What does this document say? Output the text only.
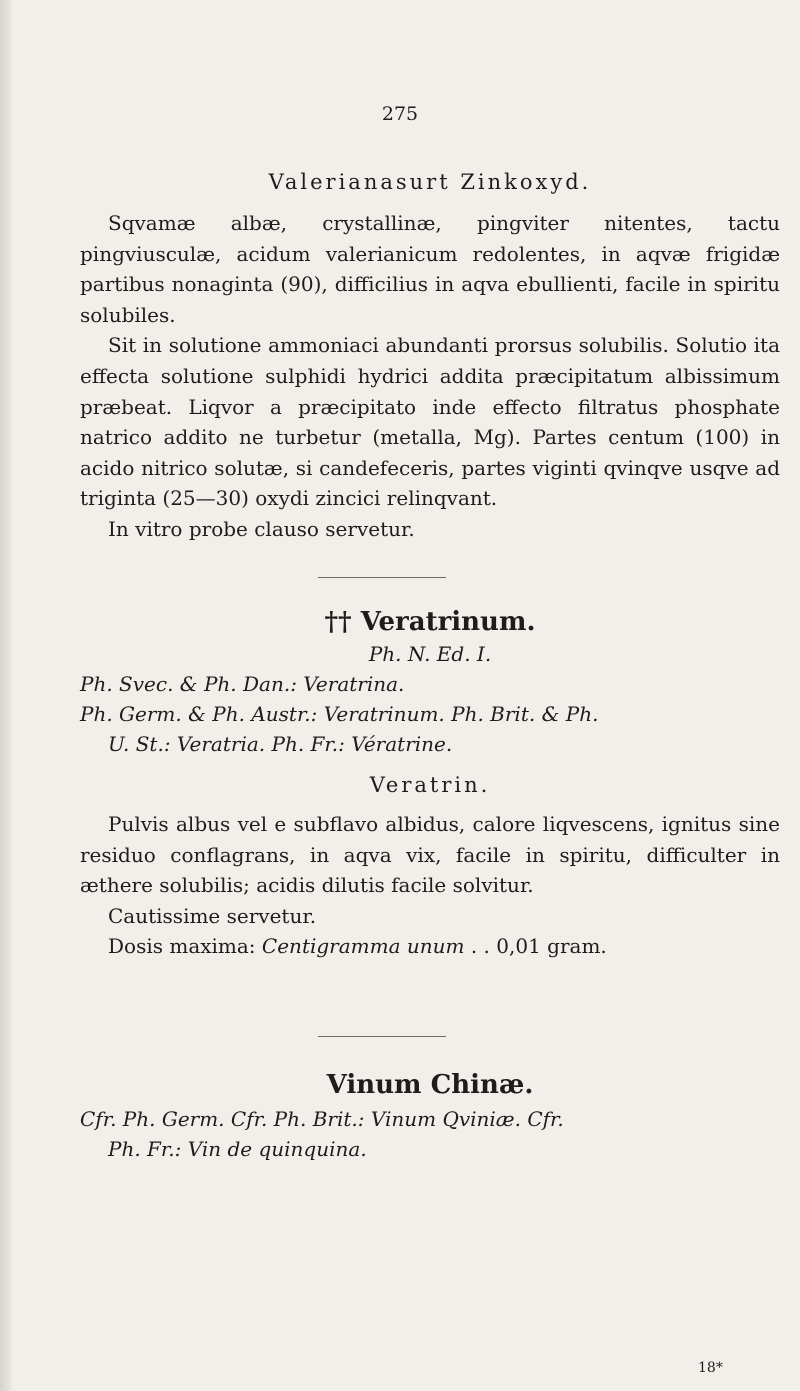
275
Valerianasurt Zinkoxyd.

Sqvamæ albæ, crystallinæ, pingviter nitentes, tactu pingviusculæ, acidum valerianicum redolentes, in aqvæ frigidæ partibus nonaginta (90), difficilius in aqva ebullienti, facile in spiritu solubiles.

Sit in solutione ammoniaci abundanti prorsus solubilis. Solutio ita effecta solutione sulphidi hydrici addita præcipitatum albissimum præbeat. Liqvor a præcipitato inde effecto filtratus phosphate natrico addito ne turbetur (metalla, Mg). Partes centum (100) in acido nitrico solutæ, si candefeceris, partes viginti qvinqve usqve ad triginta (25—30) oxydi zincici relinqvant.

In vitro probe clauso servetur.

†† Veratrinum.
Ph. N. Ed. I.
Ph. Svec. & Ph. Dan.: Veratrina.
Ph. Germ. & Ph. Austr.: Veratrinum. Ph. Brit. & Ph.
U. St.: Veratria. Ph. Fr.: Vératrine.
Veratrin.

Pulvis albus vel e subflavo albidus, calore liqvescens, ignitus sine residuo conflagrans, in aqva vix, facile in spiritu, difficulter in æthere solubilis; acidis dilutis facile solvitur.

Cautissime servetur.

Dosis maxima: Centigramma unum . . 0,01 gram.

Vinum Chinæ.
Cfr. Ph. Germ. Cfr. Ph. Brit.: Vinum Qviniæ. Cfr.
Ph. Fr.: Vin de quinquina.
18*
